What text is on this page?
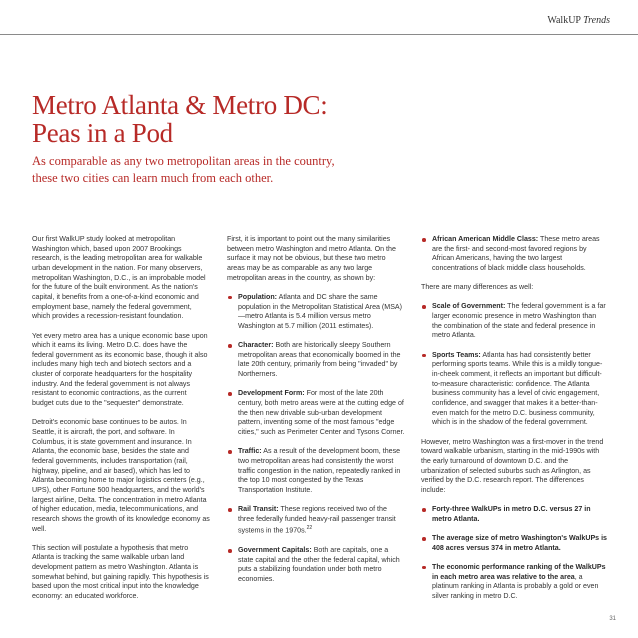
WalkUP Trends
Metro Atlanta & Metro DC:
Peas in a Pod
As comparable as any two metropolitan areas in the country, these two cities can learn much from each other.

Our first WalkUP study looked at metropolitan Washington which, based upon 2007 Brookings research, is the leading metropolitan area for walkable urban development in the nation. For many observers, metropolitan Washington, D.C., is an improbable model for the future of the built environment. As the nation's capital, it benefits from a one-of-a-kind economic and employment base, namely the federal government, which provides a recession-resistant foundation.

Yet every metro area has a unique economic base upon which it earns its living. Metro D.C. does have the federal government as its economic base, though it also includes many high tech and biotech sectors and a cluster of corporate headquarters for the hospitality industry. And the federal government is not always resistant to economic contractions, as the current budget cuts due to the "sequester" demonstrate.

Detroit's economic base continues to be autos. In Seattle, it is aircraft, the port, and software. In Columbus, it is state government and insurance. In Atlanta, the economic base, besides the state and federal governments, includes transportation (rail, highway, pipeline, and air based), which has led to Atlanta becoming home to major logistics centers (e.g., UPS), other Fortune 500 headquarters, and the world's largest airline, Delta. The concentration in metro Atlanta of higher education, media, telecommunications, and research shows the growth of its knowledge economy as well.

This section will postulate a hypothesis that metro Atlanta is tracking the same walkable urban land development pattern as metro Washington. Atlanta is somewhat behind, but gaining rapidly. This hypothesis is based upon the most critical input into the knowledge economy: an educated workforce.

First, it is important to point out the many similarities between metro Washington and metro Atlanta. On the surface it may not be obvious, but these two metro areas may be as comparable as any two large metropolitan areas in the country, as shown by:

Population: Atlanta and DC share the same population in the Metropolitan Statistical Area (MSA)—metro Atlanta is 5.4 million versus metro Washington at 5.7 million (2011 estimates).
Character: Both are historically sleepy Southern metropolitan areas that economically boomed in the late 20th century, primarily from being "invaded" by Northerners.
Development Form: For most of the late 20th century, both metro areas were at the cutting edge of the then new drivable sub-urban development pattern, inventing some of the most famous "edge cities," such as Perimeter Center and Tysons Corner.
Traffic: As a result of the development boom, these two metropolitan areas had consistently the worst traffic congestion in the nation, repeatedly ranked in the top 10 most congested by the Texas Transportation Institute.
Rail Transit: These regions received two of the three federally funded heavy-rail passenger transit systems in the 1970s.$^{22}$
Government Capitals: Both are capitals, one a state capital and the other the federal capital, which puts a stabilizing foundation under both metro economies.
African American Middle Class: These metro areas are the first- and second-most favored regions by African Americans, having the two largest concentrations of black middle class households.

There are many differences as well:

Scale of Government: The federal government is a far larger economic presence in metro Washington than the combination of the state and federal presence in metro Atlanta.
Sports Teams: Atlanta has had consistently better performing sports teams. While this is a mildly tongue-in-cheek comment, it reflects an important but difficult-to-measure characteristic: confidence. The Atlanta business community has a level of civic engagement, confidence, and swagger that makes it a better-than-even match for the metro D.C. business community, which is in the shadow of the federal government.

However, metro Washington was a first-mover in the trend toward walkable urbanism, starting in the mid-1990s with the early turnaround of downtown D.C. and the urbanization of selected suburbs such as Arlington, as verified by the D.C. research report. The differences include:

Forty-three WalkUPs in metro D.C. versus 27 in metro Atlanta.
The average size of metro Washington's WalkUPs is 408 acres versus 374 in metro Atlanta.
The economic performance ranking of the WalkUPs in each metro area was relative to the area, a platinum ranking in Atlanta is probably a gold or even silver ranking in metro D.C.
31
